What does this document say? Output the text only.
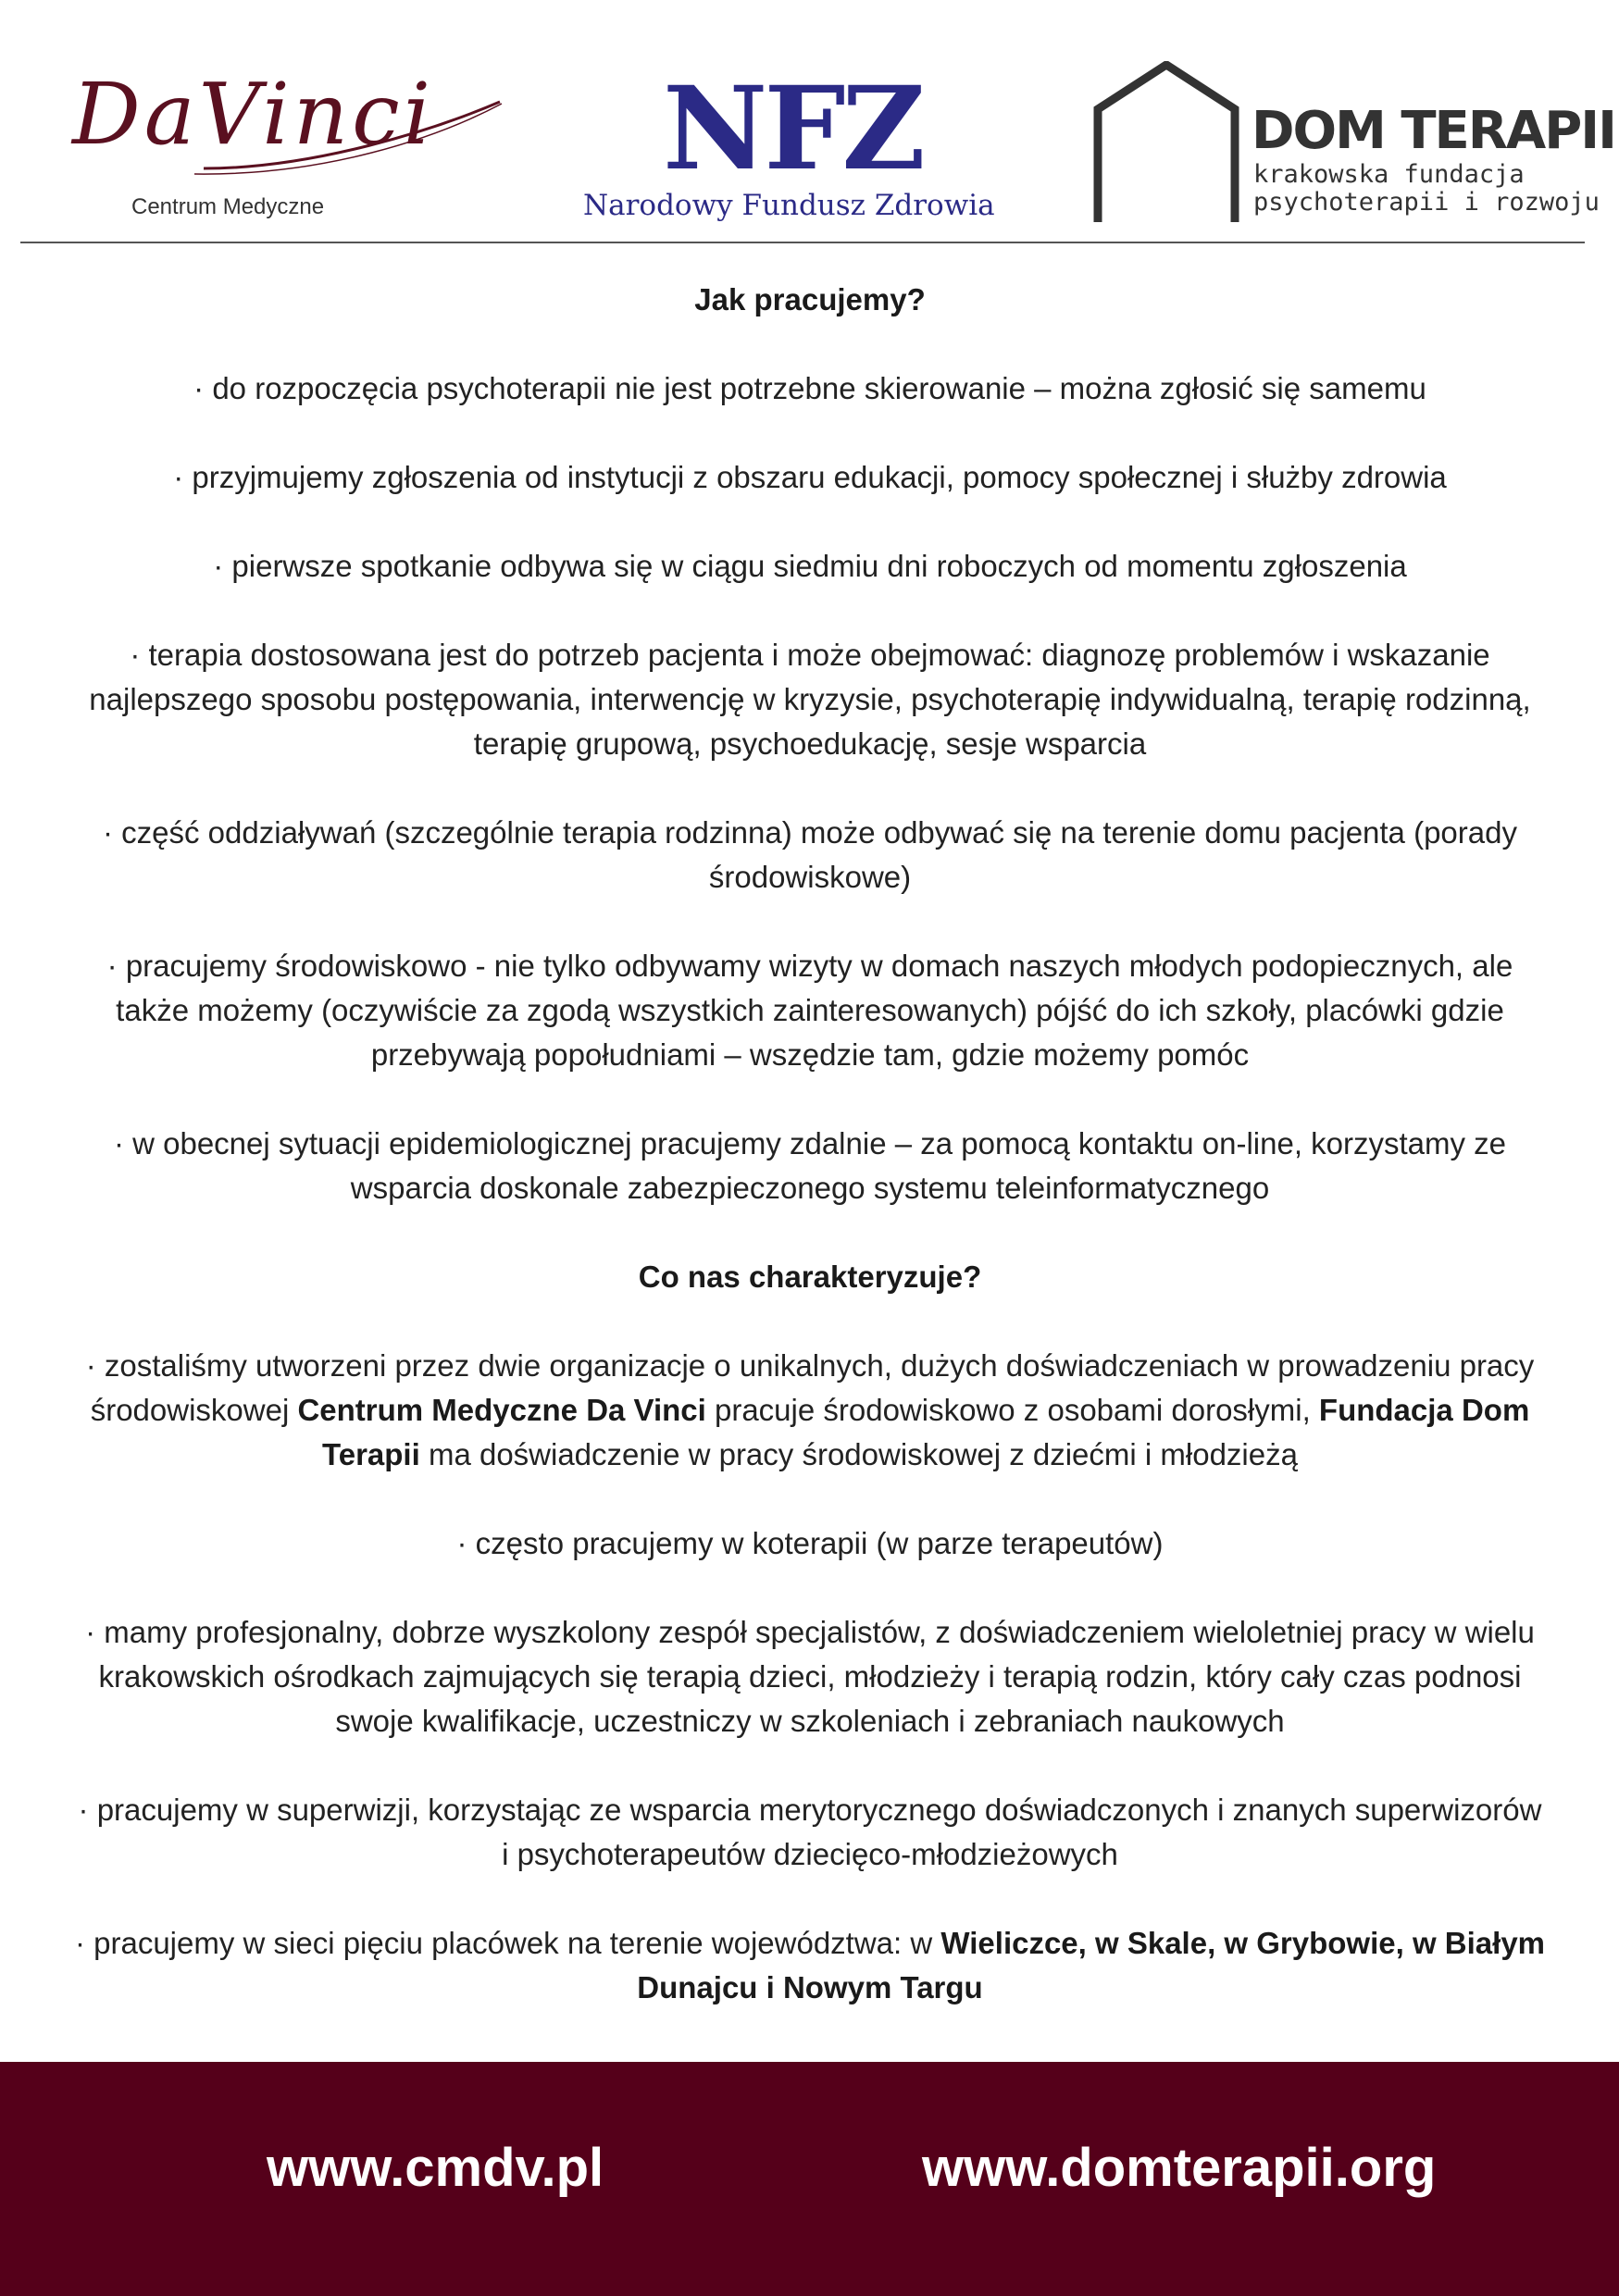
DaVinci
Centrum Medyczne
NFZ
Narodowy Fundusz Zdrowia
DOM TERAPII
krakowska fundacja
psychoterapii i rozwoju
Jak pracujemy?

· do rozpoczęcia psychoterapii nie jest potrzebne skierowanie – można zgłosić się samemu

· przyjmujemy zgłoszenia od instytucji z obszaru edukacji, pomocy społecznej i służby zdrowia

· pierwsze spotkanie odbywa się w ciągu siedmiu dni roboczych od momentu zgłoszenia

· terapia dostosowana jest do potrzeb pacjenta i może obejmować: diagnozę problemów i wskazanie najlepszego sposobu postępowania, interwencję w kryzysie, psychoterapię indywidualną, terapię rodzinną, terapię grupową, psychoedukację, sesje wsparcia

· część oddziaływań (szczególnie terapia rodzinna) może odbywać się na terenie domu pacjenta (porady środowiskowe)

· pracujemy środowiskowo - nie tylko odbywamy wizyty w domach naszych młodych podopiecznych, ale także możemy (oczywiście za zgodą wszystkich zainteresowanych) pójść do ich szkoły, placówki gdzie przebywają popołudniami – wszędzie tam, gdzie możemy pomóc

· w obecnej sytuacji epidemiologicznej pracujemy zdalnie – za pomocą kontaktu on-line, korzystamy ze wsparcia doskonale zabezpieczonego systemu teleinformatycznego

Co nas charakteryzuje?

· zostaliśmy utworzeni przez dwie organizacje o unikalnych, dużych doświadczeniach w prowadzeniu pracy środowiskowej Centrum Medyczne Da Vinci pracuje środowiskowo z osobami dorosłymi, Fundacja Dom Terapii ma doświadczenie w pracy środowiskowej z dziećmi i młodzieżą

· często pracujemy w koterapii (w parze terapeutów)

· mamy profesjonalny, dobrze wyszkolony zespół specjalistów, z doświadczeniem wieloletniej pracy w wielu krakowskich ośrodkach zajmujących się terapią dzieci, młodzieży i terapią rodzin, który cały czas podnosi swoje kwalifikacje, uczestniczy w szkoleniach i zebraniach naukowych

· pracujemy w superwizji, korzystając ze wsparcia merytorycznego doświadczonych i znanych superwizorów i psychoterapeutów dziecięco-młodzieżowych

· pracujemy w sieci pięciu placówek na terenie województwa: w Wieliczce, w Skale, w Grybowie, w Białym Dunajcu i Nowym Targu

www.cmdv.pl	www.domterapii.org
